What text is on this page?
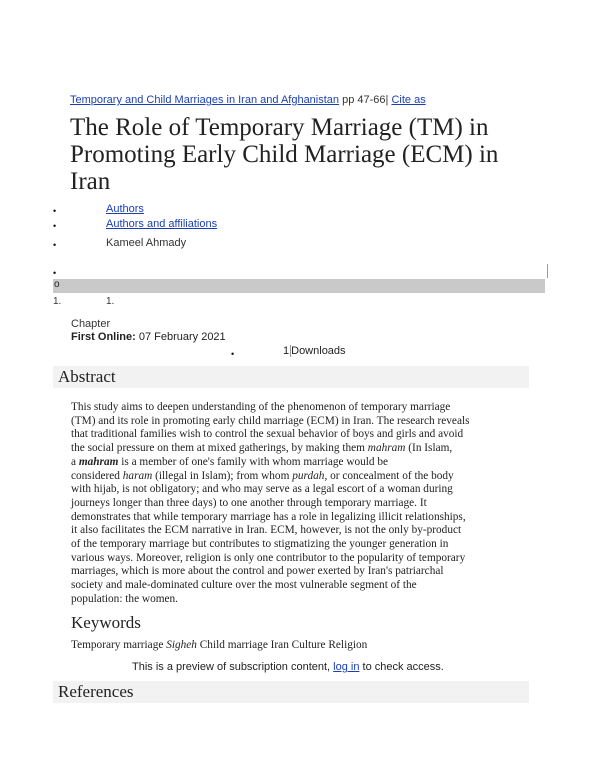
Temporary and Child Marriages in Iran and Afghanistan pp 47-66| Cite as
The Role of Temporary Marriage (TM) in Promoting Early Child Marriage (ECM) in Iran
•
Authors
•
Authors and affiliations
•
Kameel Ahmady
•
o
1.	1.
Chapter
First Online: 07 February 2021
•
1 Downloads
Abstract
This study aims to deepen understanding of the phenomenon of temporary marriage
(TM) and its role in promoting early child marriage (ECM) in Iran. The research reveals
that traditional families wish to control the sexual behavior of boys and girls and avoid
the social pressure on them at mixed gatherings, by making them mahram (In Islam,
a mahram is a member of one's family with whom marriage would be
considered haram (illegal in Islam); from whom purdah, or concealment of the body
with hijab, is not obligatory; and who may serve as a legal escort of a woman during
journeys longer than three days) to one another through temporary marriage. It
demonstrates that while temporary marriage has a role in legalizing illicit relationships,
it also facilitates the ECM narrative in Iran. ECM, however, is not the only by-product
of the temporary marriage but contributes to stigmatizing the younger generation in
various ways. Moreover, religion is only one contributor to the popularity of temporary
marriages, which is more about the control and power exerted by Iran's patriarchal
society and male-dominated culture over the most vulnerable segment of the
population: the women.
Keywords
Temporary marriage Sigheh Child marriage Iran Culture Religion
This is a preview of subscription content, log in to check access.
References
